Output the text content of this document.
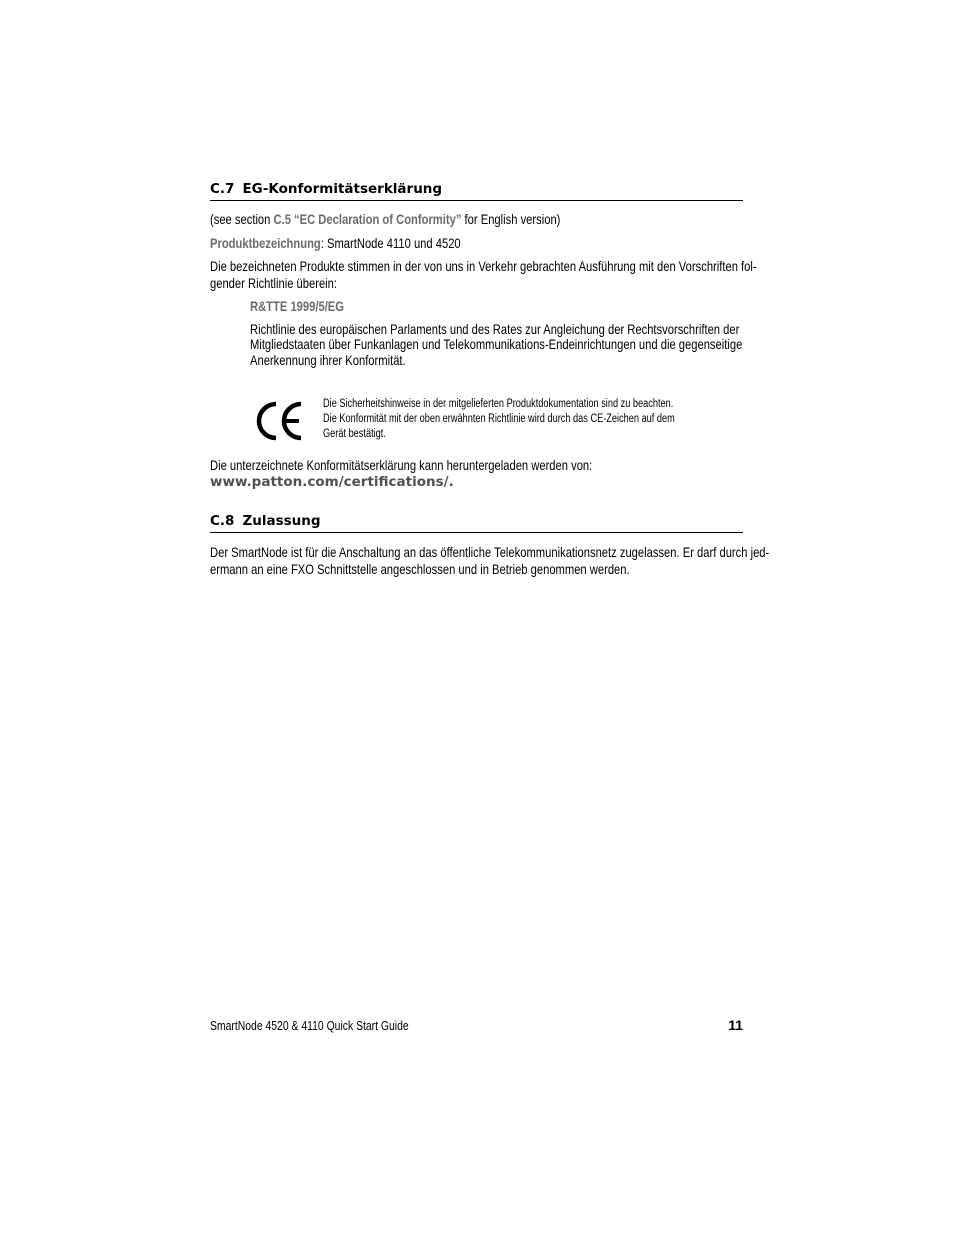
C.7 EG-Konformitätserklärung
(see section C.5 “EC Declaration of Conformity” for English version)
Produktbezeichnung: SmartNode 4110 und 4520
Die bezeichneten Produkte stimmen in der von uns in Verkehr gebrachten Ausführung mit den Vorschriften fol-
gender Richtlinie überein:
R&TTE 1999/5/EG
Richtlinie des europäischen Parlaments und des Rates zur Angleichung der Rechtsvorschriften der
Mitgliedstaaten über Funkanlagen und Telekommunikations-Endeinrichtungen und die gegenseitige
Anerkennung ihrer Konformität.
Die Sicherheitshinweise in der mitgelieferten Produktdokumentation sind zu beachten.
Die Konformität mit der oben erwähnten Richtlinie wird durch das CE-Zeichen auf dem
Gerät bestätigt.
Die unterzeichnete Konformitätserklärung kann heruntergeladen werden von:
www.patton.com/certifications/.
C.8 Zulassung
Der SmartNode ist für die Anschaltung an das öffentliche Telekommunikationsnetz zugelassen. Er darf durch jed-
ermann an eine FXO Schnittstelle angeschlossen und in Betrieb genommen werden.
SmartNode 4520 & 4110 Quick Start Guide	11
